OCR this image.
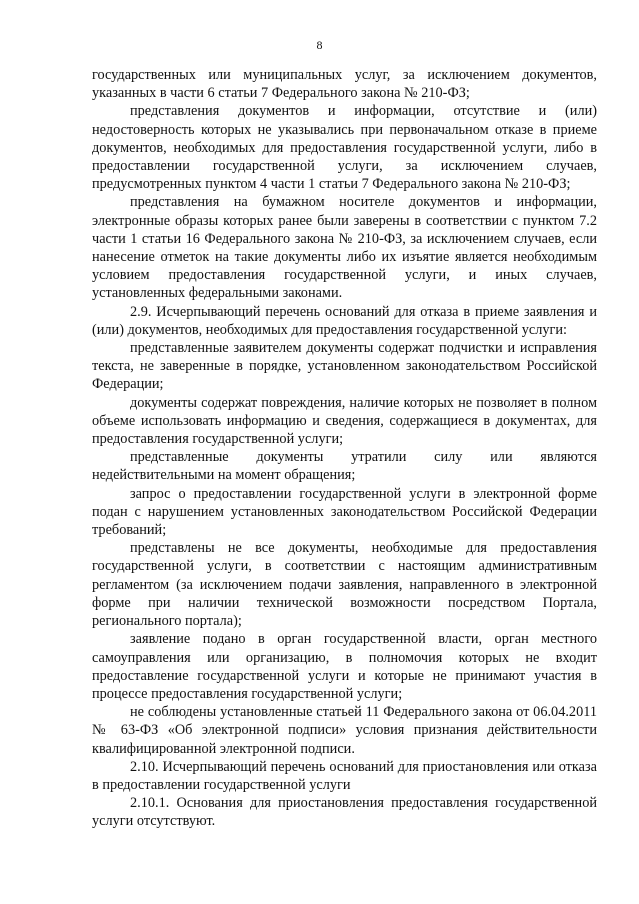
8

государственных или муниципальных услуг, за исключением документов, указанных в части 6 статьи 7 Федерального закона № 210-ФЗ;

представления документов и информации, отсутствие и (или) недостоверность которых не указывались при первоначальном отказе в приеме документов, необходимых для предоставления государственной услуги, либо в предоставлении государственной услуги, за исключением случаев, предусмотренных пунктом 4 части 1 статьи 7 Федерального закона № 210-ФЗ;

представления на бумажном носителе документов и информации, электронные образы которых ранее были заверены в соответствии с пунктом 7.2 части 1 статьи 16 Федерального закона № 210-ФЗ, за исключением случаев, если нанесение отметок на такие документы либо их изъятие является необходимым условием предоставления государственной услуги, и иных случаев, установленных федеральными законами.

2.9. Исчерпывающий перечень оснований для отказа в приеме заявления и (или) документов, необходимых для предоставления государственной услуги:

представленные заявителем документы содержат подчистки и исправления текста, не заверенные в порядке, установленном законодательством Российской Федерации;

документы содержат повреждения, наличие которых не позволяет в полном объеме использовать информацию и сведения, содержащиеся в документах, для предоставления государственной услуги;

представленные документы утратили силу или являются недействительными на момент обращения;

запрос о предоставлении государственной услуги в электронной форме подан с нарушением установленных законодательством Российской Федерации требований;

представлены не все документы, необходимые для предоставления государственной услуги, в соответствии с настоящим административным регламентом (за исключением подачи заявления, направленного в электронной форме при наличии технической возможности посредством Портала, регионального портала);

заявление подано в орган государственной власти, орган местного самоуправления или организацию, в полномочия которых не входит предоставление государственной услуги и которые не принимают участия в процессе предоставления государственной услуги;

не соблюдены установленные статьей 11 Федерального закона от 06.04.2011 № 63-ФЗ «Об электронной подписи» условия признания действительности квалифицированной электронной подписи.

2.10. Исчерпывающий перечень оснований для приостановления или отказа в предоставлении государственной услуги

2.10.1. Основания для приостановления предоставления государственной услуги отсутствуют.
